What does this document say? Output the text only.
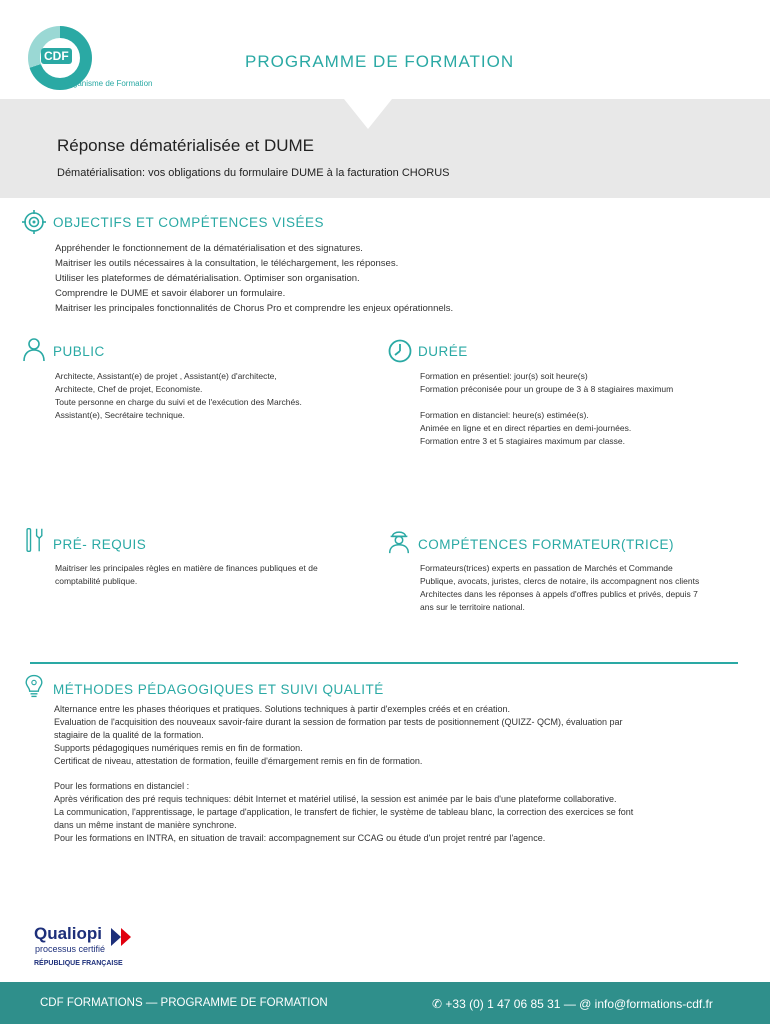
CDF
Organisme de Formation
PROGRAMME DE FORMATION
Réponse dématérialisée et DUME
Dématérialisation: vos obligations du formulaire DUME à la facturation CHORUS
OBJECTIFS ET COMPÉTENCES VISÉES
Appréhender le fonctionnement de la dématérialisation et des signatures.
Maitriser les outils nécessaires à la consultation, le téléchargement, les réponses.
Utiliser les plateformes de dématérialisation. Optimiser son organisation.
Comprendre le DUME et savoir élaborer un formulaire.
Maitriser les principales fonctionnalités de Chorus Pro et comprendre les enjeux opérationnels.
PUBLIC
Architecte, Assistant(e) de projet , Assistant(e) d'architecte,
Architecte, Chef de projet, Economiste.
Toute personne en charge du suivi et de l'exécution des Marchés.
Assistant(e), Secrétaire technique.
DURÉE
Formation en présentiel: jour(s) soit heure(s)
Formation préconisée pour un groupe de 3 à 8 stagiaires maximum
Formation en distanciel: heure(s) estimée(s).
Animée en ligne et en direct réparties en demi-journées.
Formation entre 3 et 5 stagiaires maximum par classe.
PRÉ- REQUIS
Maitriser les principales règles en matière de finances publiques et de
comptabilité publique.
COMPÉTENCES FORMATEUR(TRICE)
Formateurs(trices) experts en passation de Marchés et Commande
Publique, avocats, juristes, clercs de notaire, ils accompagnent nos clients
Architectes dans les réponses à appels d'offres publics et privés, depuis 7
ans sur le territoire national.
MÉTHODES PÉDAGOGIQUES ET SUIVI QUALITÉ
Alternance entre les phases théoriques et pratiques. Solutions techniques à partir d'exemples créés et en création.
Evaluation de l'acquisition des nouveaux savoir-faire durant la session de formation par tests de positionnement (QUIZZ- QCM), évaluation par
stagiaire de la qualité de la formation.
Supports pédagogiques numériques remis en fin de formation.
Certificat de niveau, attestation de formation, feuille d'émargement remis en fin de formation.
Pour les formations en distanciel :
Après vérification des pré requis techniques: débit Internet et matériel utilisé, la session est animée par le bais d'une plateforme collaborative.
La communication, l'apprentissage, le partage d'application, le transfert de fichier, le système de tableau blanc, la correction des exercices se font
dans un même instant de manière synchrone.
Pour les formations en INTRA, en situation de travail: accompagnement sur CCAG ou étude d'un projet rentré par l'agence.
Qualiopi
processus certifié
RÉPUBLIQUE FRANÇAISE
CDF FORMATIONS — PROGRAMME DE FORMATION	✆ +33 (0) 1 47 06 85 31 — @ info@formations-cdf.fr
